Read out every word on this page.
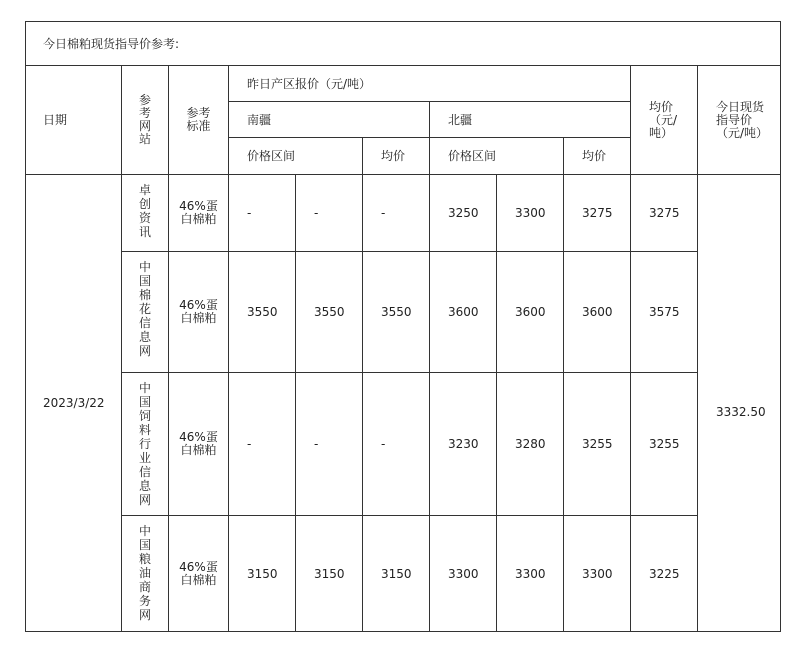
今日棉粕现货指导价参考:										
日期	参考网站	参考标准	昨日产区报价（元/吨）						均价（元/吨）	今日现货指导价（元/吨）
			南疆			北疆				
			价格区间		均价	价格区间		均价		
2023/3/22	卓创资讯	46%蛋白棉粕	-	-	-	3250	3300	3275	3275	3332.50

	中国棉花信息网	46%蛋白棉粕	3550	3550	3550	3600	3600	3600	3575	

	中国饲料行业信息网	46%蛋白棉粕	-	-	-	3230	3280	3255	3255	

	中国粮油商务网	46%蛋白棉粕	3150	3150	3150	3300	3300	3300	3225	
